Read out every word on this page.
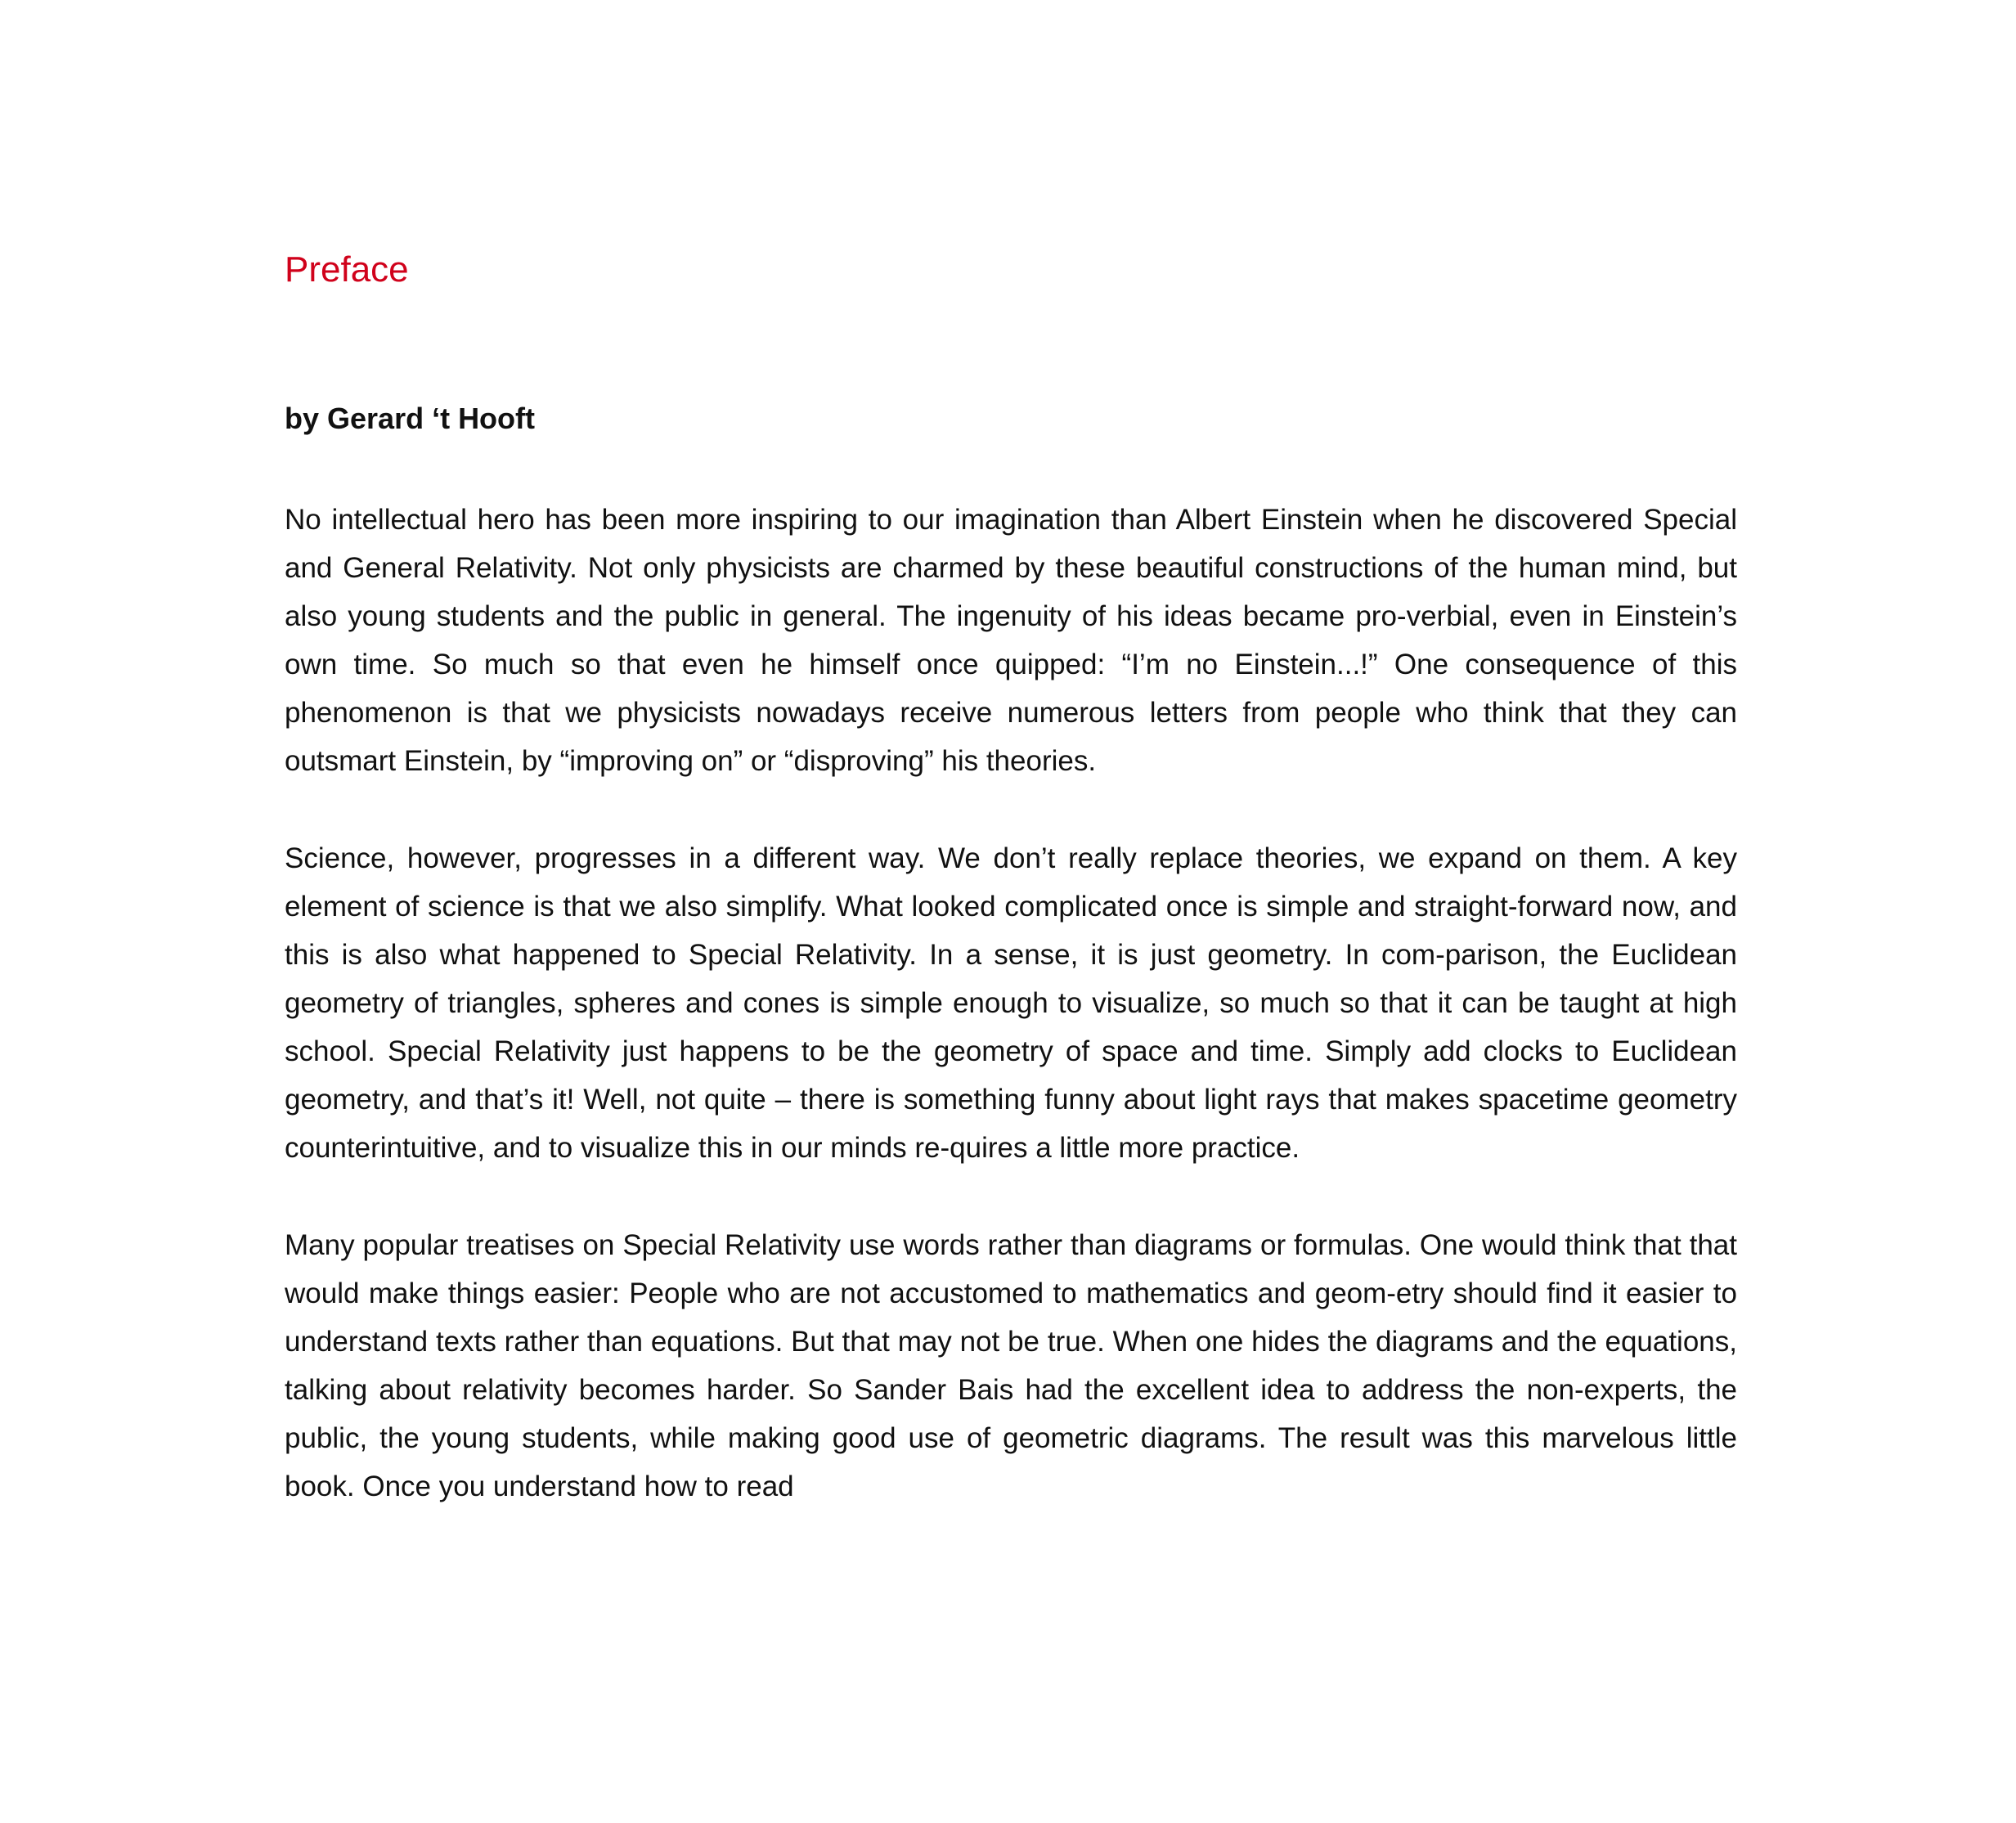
Preface
by Gerard ‘t Hooft

No intellectual hero has been more inspiring to our imagination than Albert Einstein when he discovered Special and General Relativity. Not only physicists are charmed by these beautiful constructions of the human mind, but also young students and the public in general. The ingenuity of his ideas became pro-verbial, even in Einstein’s own time. So much so that even he himself once quipped: “I’m no Einstein...!” One consequence of this phenomenon is that we physicists nowadays receive numerous letters from people who think that they can outsmart Einstein, by “improving on” or “disproving” his theories.

Science, however, progresses in a different way. We don’t really replace theories, we expand on them. A key element of science is that we also simplify. What looked complicated once is simple and straight-forward now, and this is also what happened to Special Relativity. In a sense, it is just geometry. In com-parison, the Euclidean geometry of triangles, spheres and cones is simple enough to visualize, so much so that it can be taught at high school. Special Relativity just happens to be the geometry of space and time. Simply add clocks to Euclidean geometry, and that’s it! Well, not quite – there is something funny about light rays that makes spacetime geometry counterintuitive, and to visualize this in our minds re-quires a little more practice.

Many popular treatises on Special Relativity use words rather than diagrams or formulas. One would think that that would make things easier: People who are not accustomed to mathematics and geom-etry should find it easier to understand texts rather than equations. But that may not be true. When one hides the diagrams and the equations, talking about relativity becomes harder. So Sander Bais had the excellent idea to address the non-experts, the public, the young students, while making good use of geometric diagrams. The result was this marvelous little book. Once you understand how to read
